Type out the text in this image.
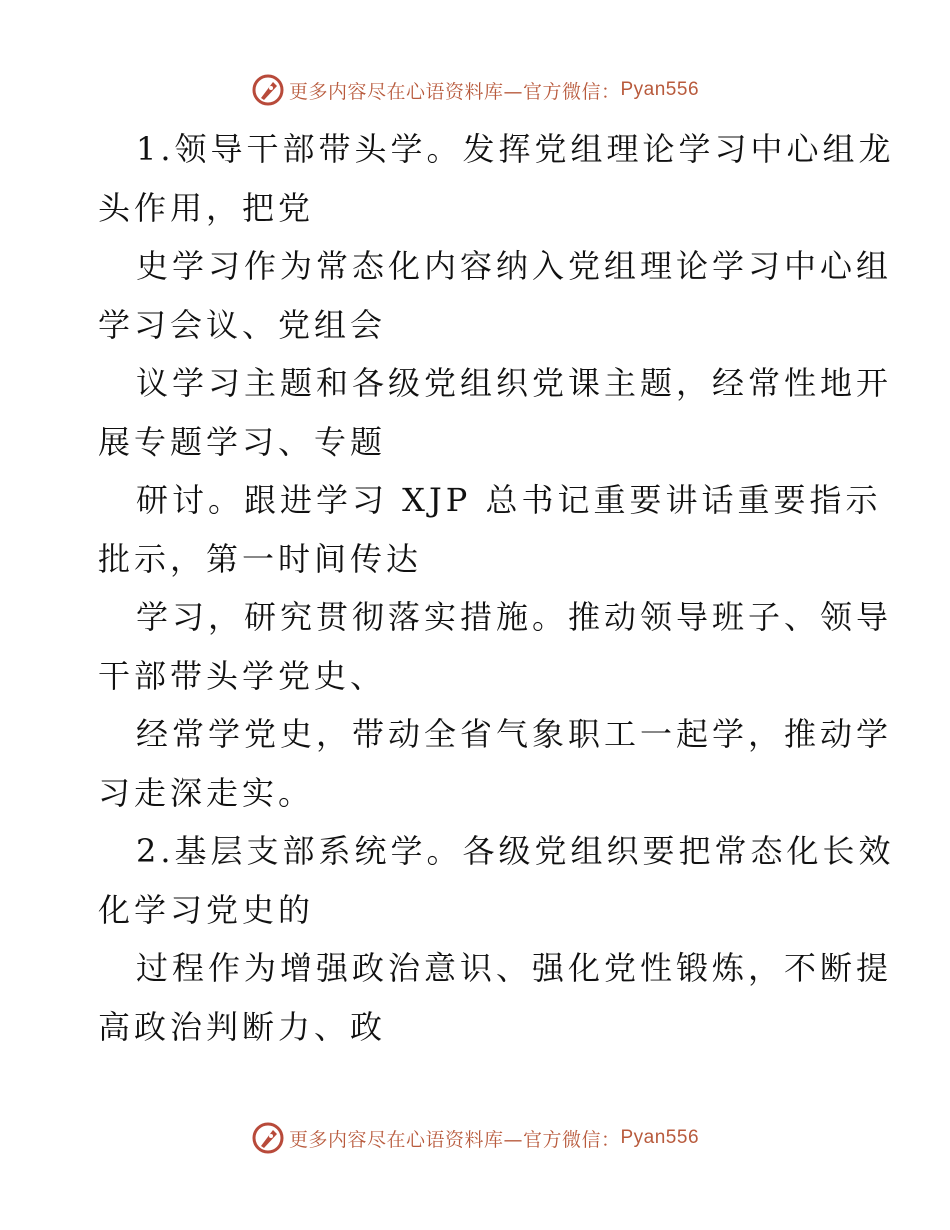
更多内容尽在心语资料库—官方微信： Pyan556

1.领导干部带头学。发挥党组理论学习中心组龙

头作用，把党

史学习作为常态化内容纳入党组理论学习中心组

学习会议、党组会

议学习主题和各级党组织党课主题，经常性地开

展专题学习、专题

研讨。跟进学习 XJP 总书记重要讲话重要指示

批示，第一时间传达

学习，研究贯彻落实措施。推动领导班子、领导

干部带头学党史、

经常学党史，带动全省气象职工一起学，推动学

习走深走实。

2.基层支部系统学。各级党组织要把常态化长效

化学习党史的

过程作为增强政治意识、强化党性锻炼，不断提

高政治判断力、政

更多内容尽在心语资料库—官方微信： Pyan556
